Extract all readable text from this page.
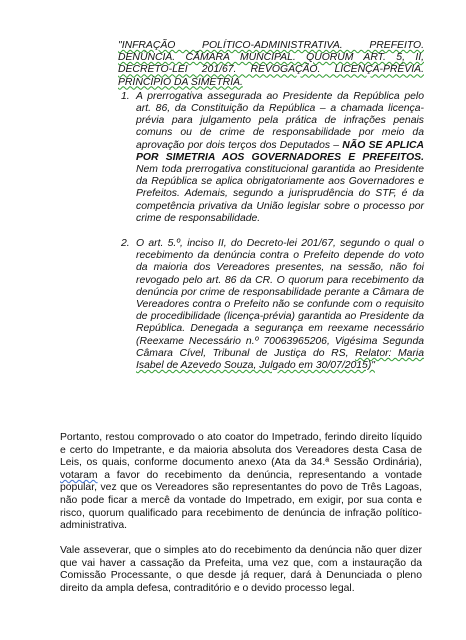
"INFRAÇÃO POLÍTICO-ADMINISTRATIVA. PREFEITO. DENÚNCIA. CÂMARA MUNCIPAL. QUORUM ART. 5, II, DECRETO-LEI 201/67. REVOGAÇÃO. LICENÇA-PRÉVIA. PRINCÍPIO DA SIMETRIA.

1. A prerrogativa assegurada ao Presidente da República pelo art. 86, da Constituição da República – a chamada licença-prévia para julgamento pela prática de infrações penais comuns ou de crime de responsabilidade por meio da aprovação por dois terços dos Deputados – NÃO SE APLICA POR SIMETRIA AOS GOVERNADORES E PREFEITOS. Nem toda prerrogativa constitucional garantida ao Presidente da República se aplica obrigatoriamente aos Governadores e Prefeitos. Ademais, segundo a jurisprudência do STF, é da competência privativa da União legislar sobre o processo por crime de responsabilidade.
2. O art. 5.º, inciso II, do Decreto-lei 201/67, segundo o qual o recebimento da denúncia contra o Prefeito depende do voto da maioria dos Vereadores presentes, na sessão, não foi revogado pelo art. 86 da CR. O quorum para recebimento da denúncia por crime de responsabilidade perante a Câmara de Vereadores contra o Prefeito não se confunde com o requisito de procedibilidade (licença-prévia) garantida ao Presidente da República. Denegada a segurança em reexame necessário (Reexame Necessário n.º 70063965206, Vigésima Segunda Câmara Cível, Tribunal de Justiça do RS, Relator: Maria Isabel de Azevedo Souza, Julgado em 30/07/2015)"

Portanto, restou comprovado o ato coator do Impetrado, ferindo direito líquido e certo do Impetrante, e da maioria absoluta dos Vereadores desta Casa de Leis, os quais, conforme documento anexo (Ata da 34.ª Sessão Ordinária), votaram a favor do recebimento da denúncia, representando a vontade popular, vez que os Vereadores são representantes do povo de Três Lagoas, não pode ficar a mercê da vontade do Impetrado, em exigir, por sua conta e risco, quorum qualificado para recebimento de denúncia de infração político-administrativa.

Vale asseverar, que o simples ato do recebimento da denúncia não quer dizer que vai haver a cassação da Prefeita, uma vez que, com a instauração da Comissão Processante, o que desde já requer, dará à Denunciada o pleno direito da ampla defesa, contraditório e o devido processo legal.
